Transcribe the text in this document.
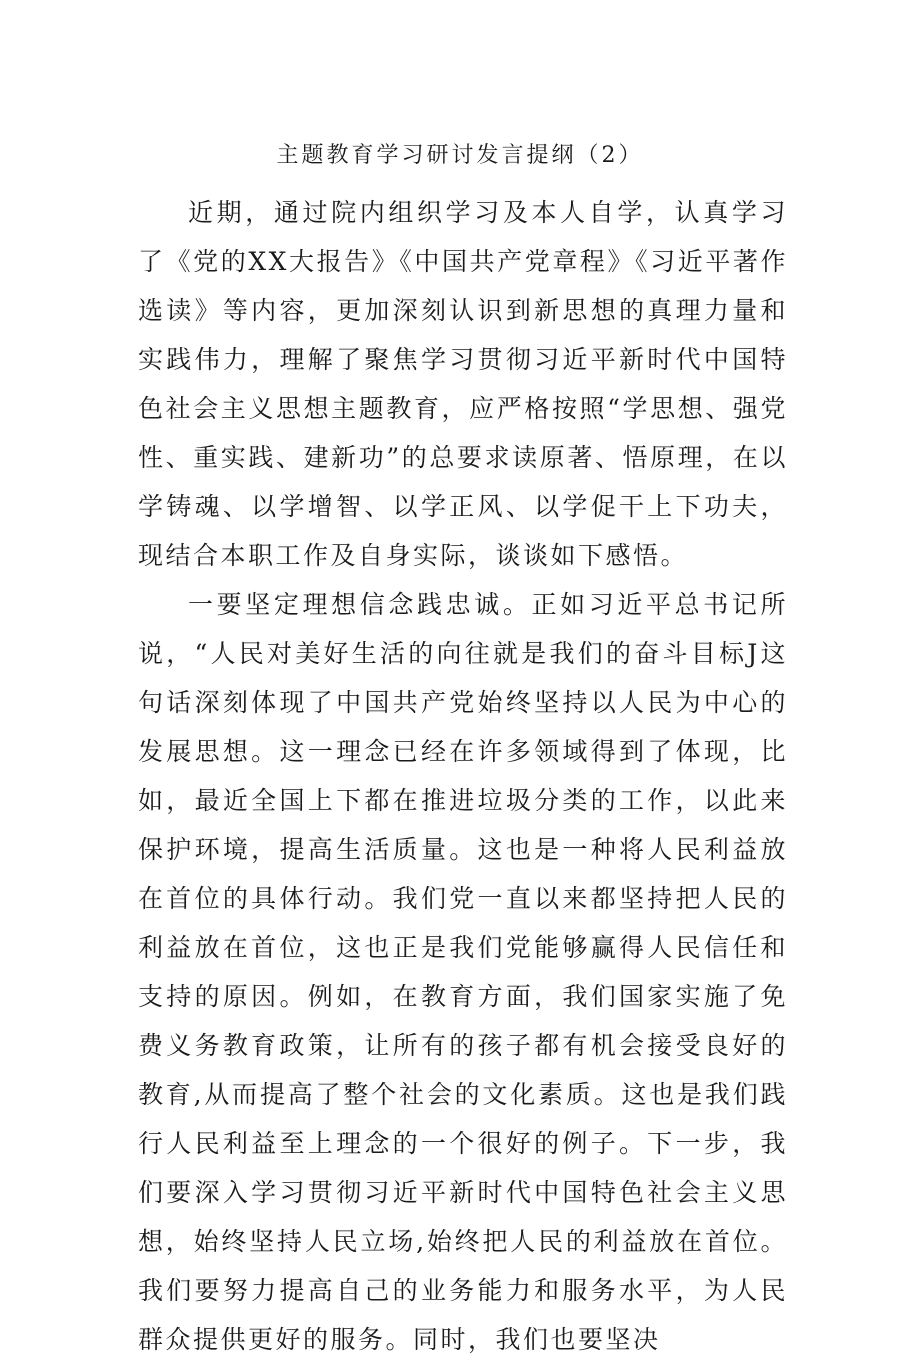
主题教育学习研讨发言提纲（2）

近期，通过院内组织学习及本人自学，认真学习了《党的XX大报告》《中国共产党章程》《习近平著作选读》等内容，更加深刻认识到新思想的真理力量和实践伟力，理解了聚焦学习贯彻习近平新时代中国特色社会主义思想主题教育，应严格按照“学思想、强党性、重实践、建新功”的总要求读原著、悟原理，在以学铸魂、以学增智、以学正风、以学促干上下功夫，现结合本职工作及自身实际，谈谈如下感悟。

一要坚定理想信念践忠诚。正如习近平总书记所说，“人民对美好生活的向往就是我们的奋斗目标J这句话深刻体现了中国共产党始终坚持以人民为中心的发展思想。这一理念已经在许多领域得到了体现，比如，最近全国上下都在推进垃圾分类的工作，以此来保护环境，提高生活质量。这也是一种将人民利益放在首位的具体行动。我们党一直以来都坚持把人民的利益放在首位，这也正是我们党能够赢得人民信任和支持的原因。例如，在教育方面，我们国家实施了免费义务教育政策，让所有的孩子都有机会接受良好的教育,从而提高了整个社会的文化素质。这也是我们践行人民利益至上理念的一个很好的例子。下一步，我们要深入学习贯彻习近平新时代中国特色社会主义思想，始终坚持人民立场,始终把人民的利益放在首位。我们要努力提高自己的业务能力和服务水平，为人民群众提供更好的服务。同时，我们也要坚决
